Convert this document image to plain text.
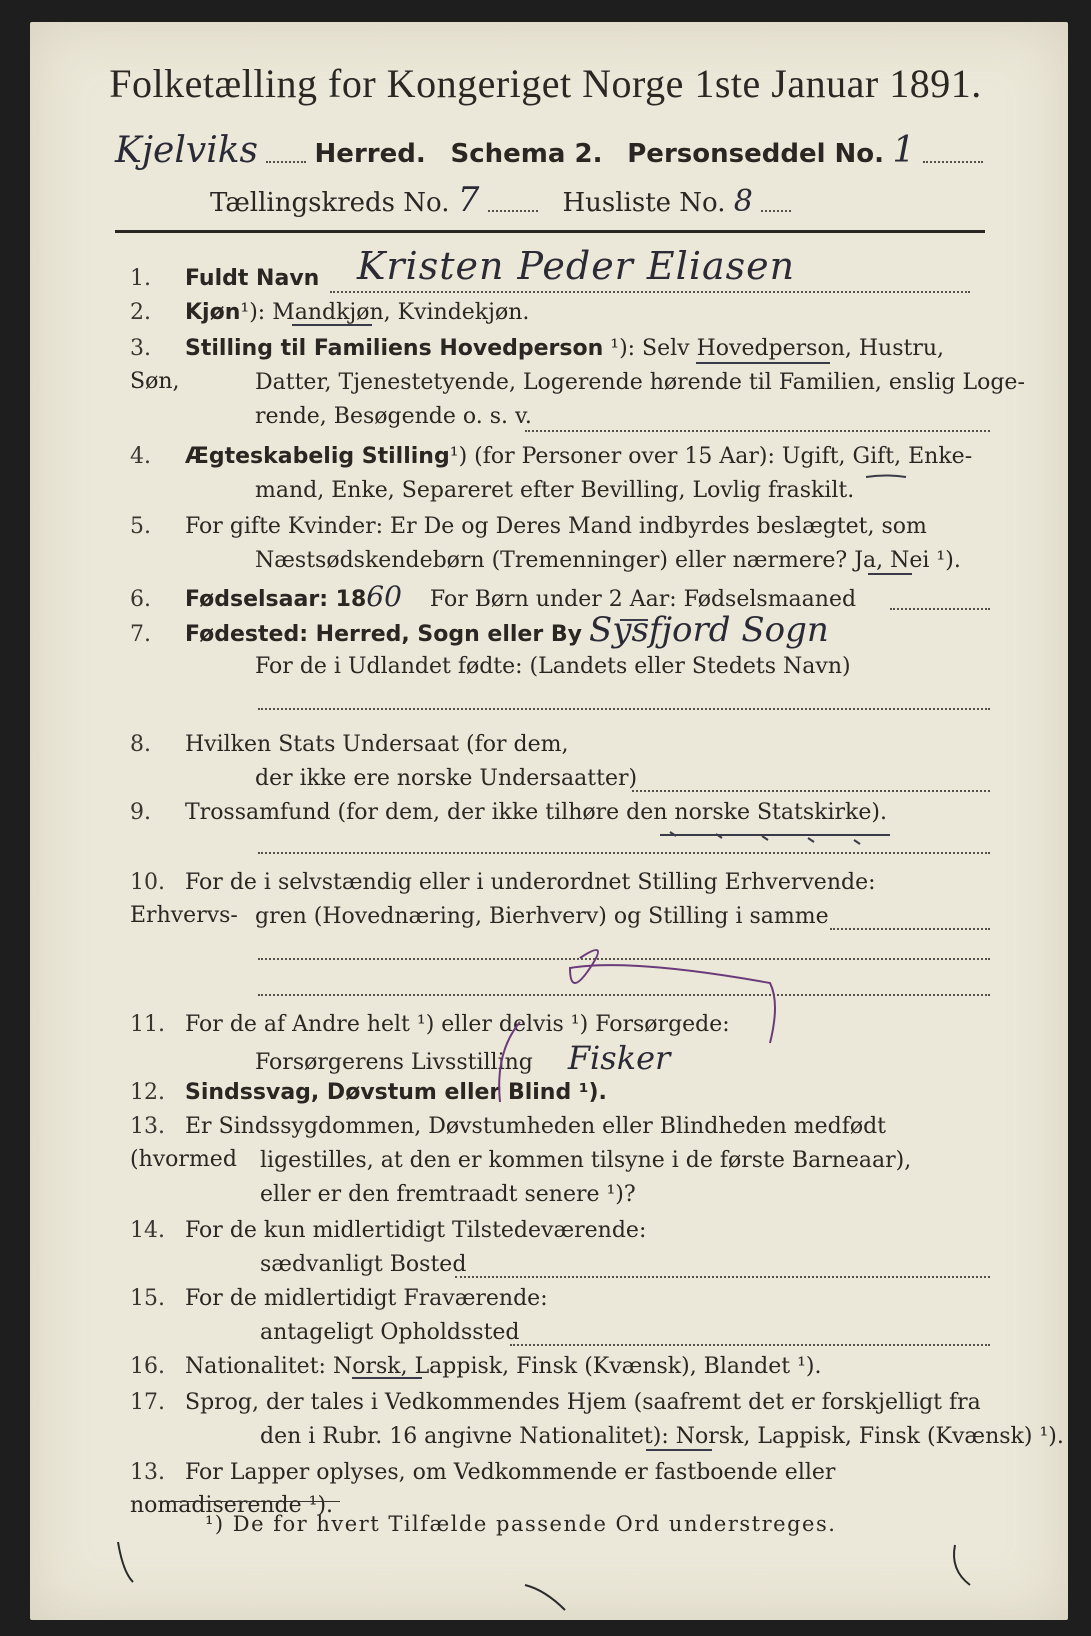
Folketælling for Kongeriget Norge 1ste Januar 1891.
Kjelviks Herred. Schema 2. Personseddel No. 1
Tællingskreds No. 7	Husliste No. 8
1. Fuldt Navn Kristen Peder Eliasen
2. Kjøn¹): Mandkjøn, Kvindekjøn.
3. Stilling til Familiens Hovedperson ¹): Selv Hovedperson, Hustru, Søn,	Datter, Tjenestetyende, Logerende hørende til Familien, enslig Loge-
rende, Besøgende o. s. v.
4. Ægteskabelig Stilling¹) (for Personer over 15 Aar): Ugift, Gift, Enke-
mand, Enke, Separeret efter Bevilling, Lovlig fraskilt.
5. For gifte Kvinder: Er De og Deres Mand indbyrdes beslægtet, som
Næstsødskendebørn (Tremenninger) eller nærmere? Ja, Nei ¹).
6. Fødselsaar: 1860 For Børn under 2 Aar: Fødselsmaaned
7. Fødested: Herred, Sogn eller By Sysfjord Sogn
For de i Udlandet fødte: (Landets eller Stedets Navn)
8. Hvilken Stats Undersaat (for dem,
der ikke ere norske Undersaatter)
9. Trossamfund (for dem, der ikke tilhøre den norske Statskirke).
10. For de i selvstændig eller i underordnet Stilling Erhvervende: Erhvervs- gren (Hovednæring, Bierhverv) og Stilling i samme
11. For de af Andre helt ¹) eller delvis ¹) Forsørgede:
Forsørgerens Livsstilling Fisker
12. Sindssvag, Døvstum eller Blind ¹).
13. Er Sindssygdommen, Døvstumheden eller Blindheden medfødt (hvormed	ligestilles, at den er kommen tilsyne i de første Barneaar),
eller er den fremtraadt senere ¹)?
14. For de kun midlertidigt Tilstedeværende:
sædvanligt Bosted
15. For de midlertidigt Fraværende:
antageligt Opholdssted
16. Nationalitet: Norsk, Lappisk, Finsk (Kvænsk), Blandet ¹).
17. Sprog, der tales i Vedkommendes Hjem (saafremt det er forskjelligt fra
den i Rubr. 16 angivne Nationalitet): Norsk, Lappisk, Finsk (Kvænsk) ¹).
13. For Lapper oplyses, om Vedkommende er fastboende eller nomadiserende ¹).
¹) De for hvert Tilfælde passende Ord understreges.
